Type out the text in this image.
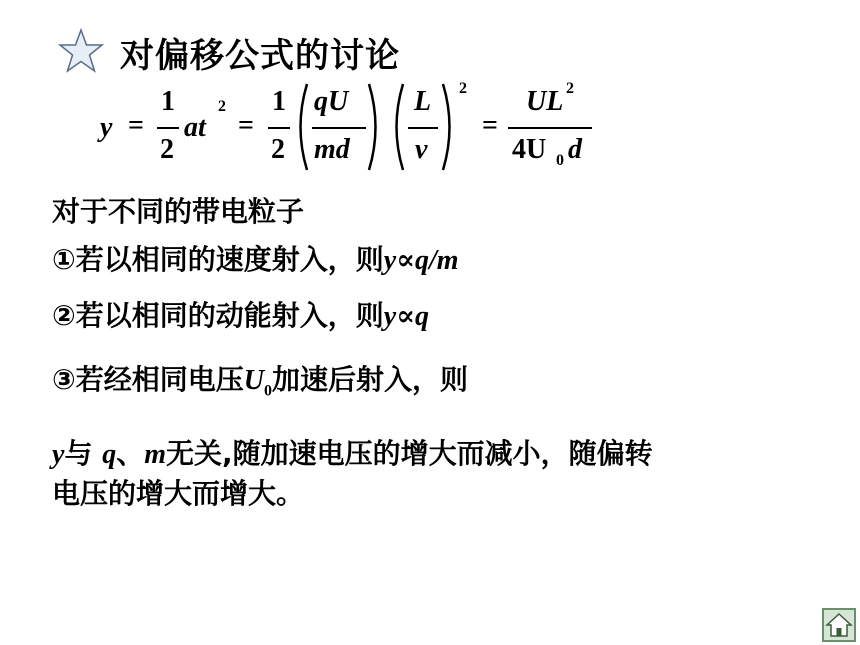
对偏移公式的讨论
y =
1
2
at
2
=
1
2
qU
md
L
v
2
=
UL 2
4U 0 d
对于不同的带电粒子
①若以相同的速度射入，则y∝q/m
②若以相同的动能射入，则y∝q
③若经相同电压$U_0$加速后射入，则
y与 q、m无关,随加速电压的增大而减小，随偏转
电压的增大而增大。
